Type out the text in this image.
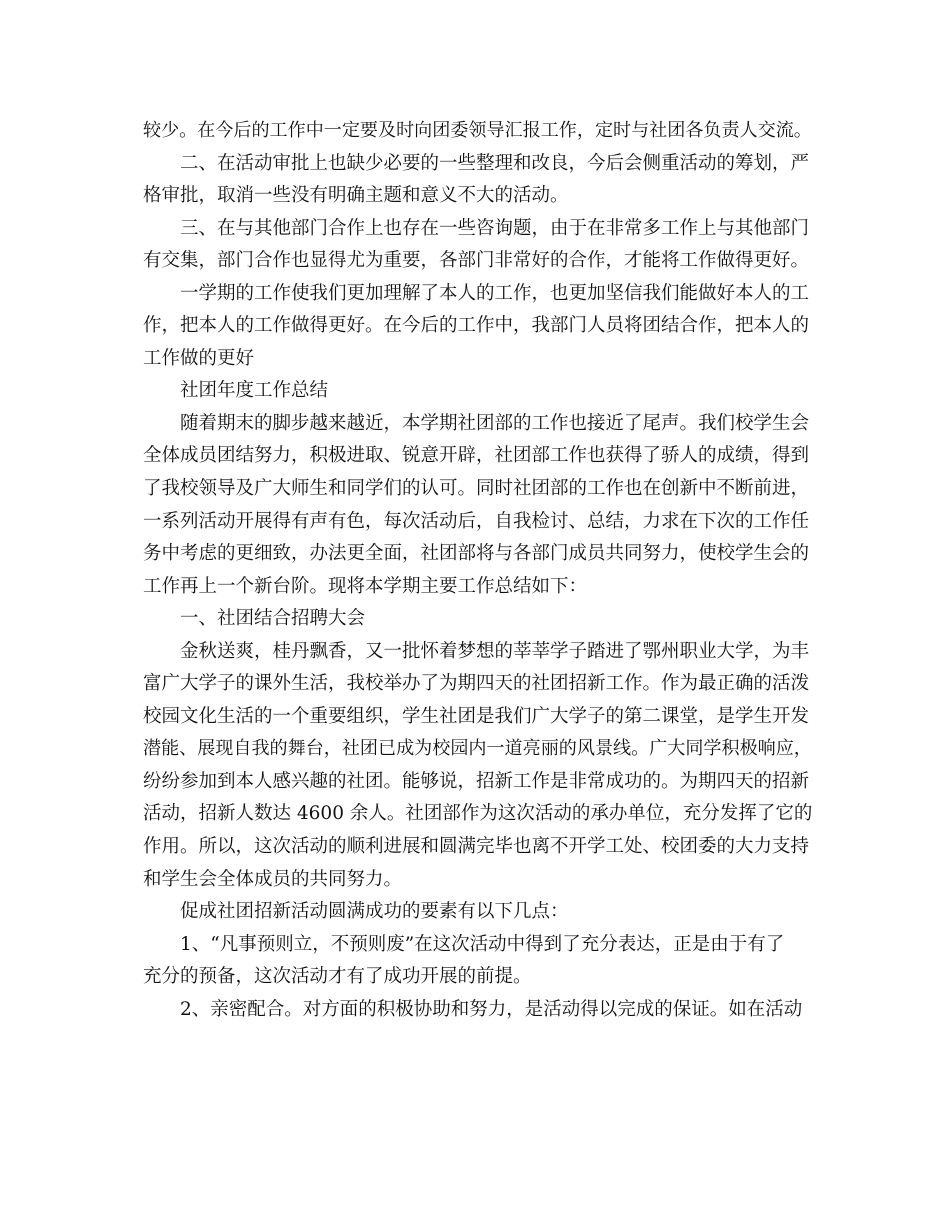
较少。在今后的工作中一定要及时向团委领导汇报工作，定时与社团各负责人交流。
二、在活动审批上也缺少必要的一些整理和改良，今后会侧重活动的筹划，严
格审批，取消一些没有明确主题和意义不大的活动。
三、在与其他部门合作上也存在一些咨询题，由于在非常多工作上与其他部门
有交集，部门合作也显得尤为重要，各部门非常好的合作，才能将工作做得更好。
一学期的工作使我们更加理解了本人的工作，也更加坚信我们能做好本人的工
作，把本人的工作做得更好。在今后的工作中，我部门人员将团结合作，把本人的
工作做的更好
社团年度工作总结
随着期末的脚步越来越近，本学期社团部的工作也接近了尾声。我们校学生会
全体成员团结努力，积极进取、锐意开辟，社团部工作也获得了骄人的成绩，得到
了我校领导及广大师生和同学们的认可。同时社团部的工作也在创新中不断前进，
一系列活动开展得有声有色，每次活动后，自我检讨、总结，力求在下次的工作任
务中考虑的更细致，办法更全面，社团部将与各部门成员共同努力，使校学生会的
工作再上一个新台阶。现将本学期主要工作总结如下：
一、社团结合招聘大会
金秋送爽，桂丹飘香，又一批怀着梦想的莘莘学子踏进了鄂州职业大学，为丰
富广大学子的课外生活，我校举办了为期四天的社团招新工作。作为最正确的活泼
校园文化生活的一个重要组织，学生社团是我们广大学子的第二课堂，是学生开发
潜能、展现自我的舞台，社团已成为校园内一道亮丽的风景线。广大同学积极响应，
纷纷参加到本人感兴趣的社团。能够说，招新工作是非常成功的。为期四天的招新
活动，招新人数达 4600 余人。社团部作为这次活动的承办单位，充分发挥了它的
作用。所以，这次活动的顺利进展和圆满完毕也离不开学工处、校团委的大力支持
和学生会全体成员的共同努力。
促成社团招新活动圆满成功的要素有以下几点：
1、“凡事预则立，不预则废”在这次活动中得到了充分表达，正是由于有了
充分的预备，这次活动才有了成功开展的前提。
2、亲密配合。对方面的积极协助和努力，是活动得以完成的保证。如在活动
